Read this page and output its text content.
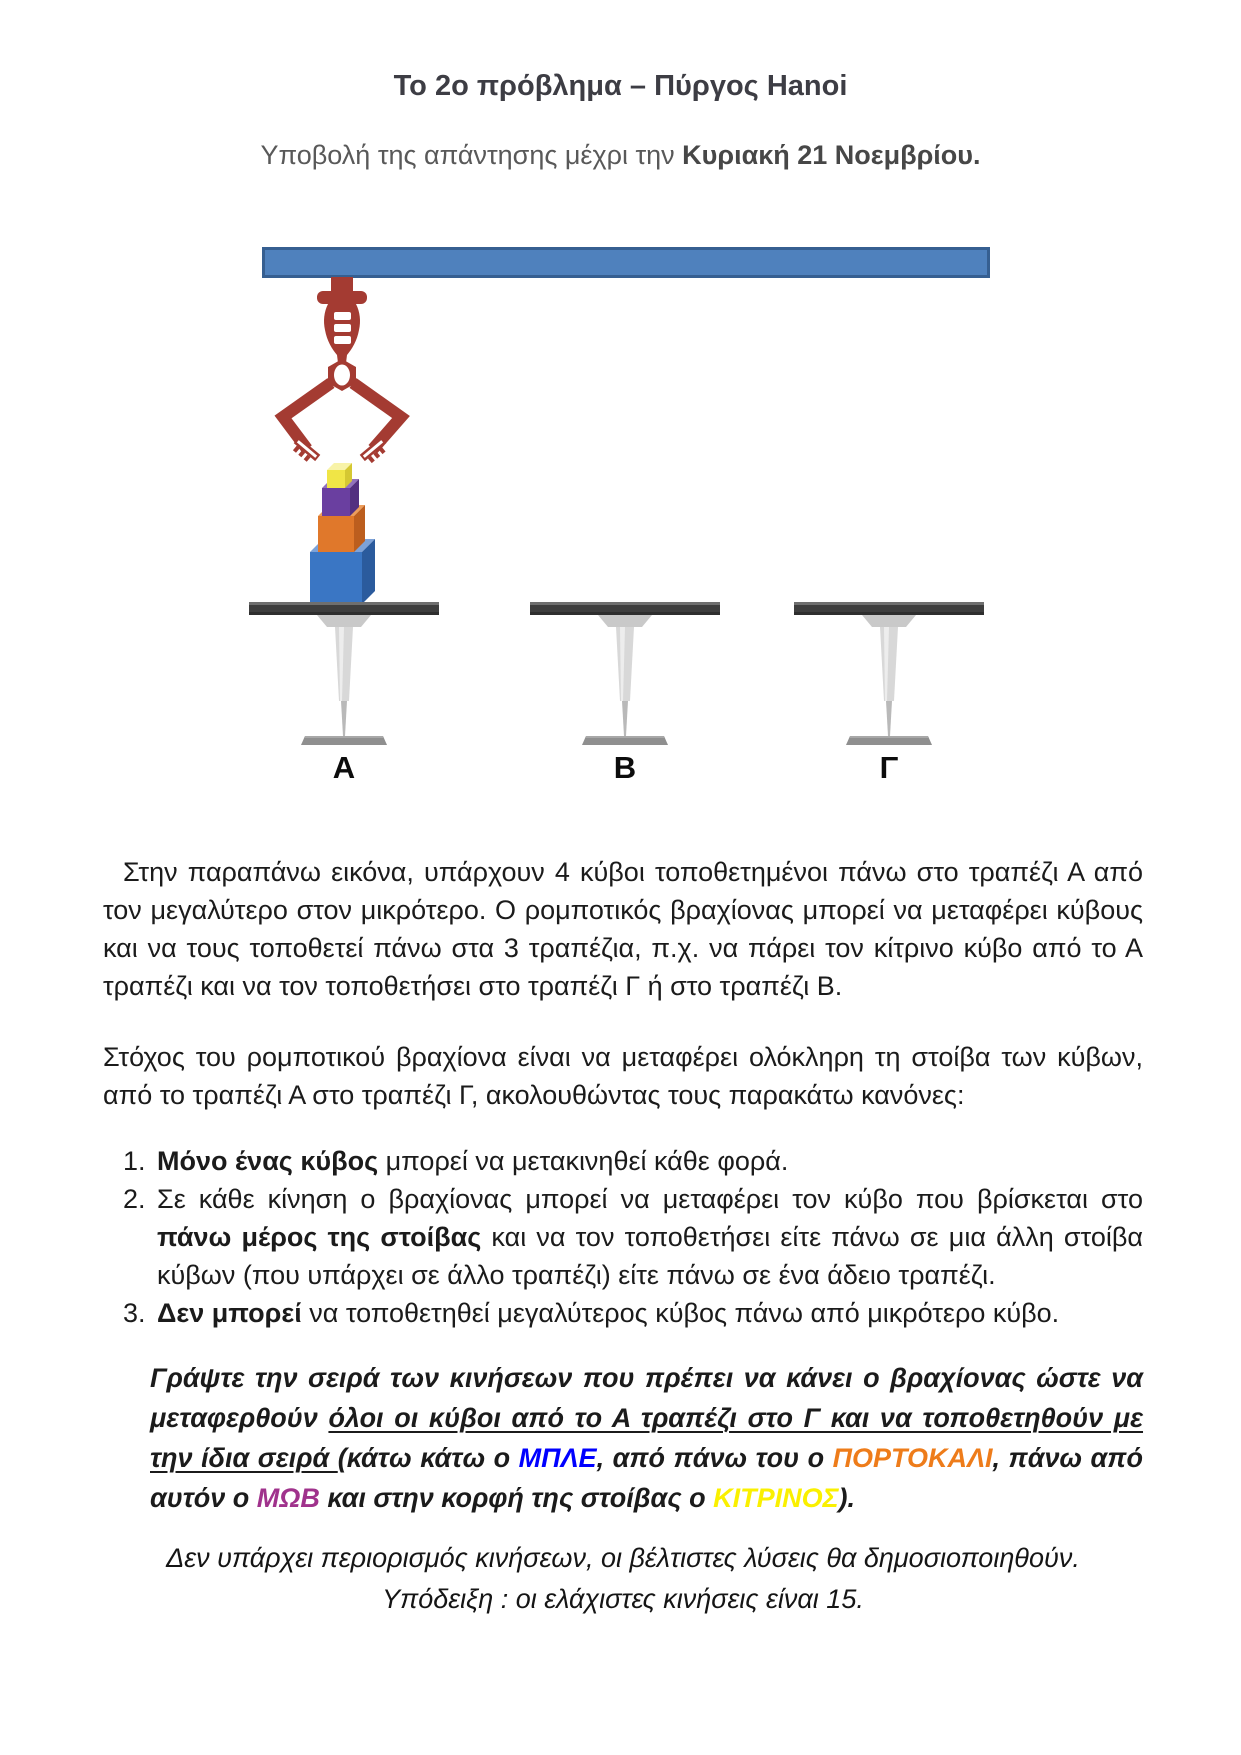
Το 2ο πρόβλημα – Πύργος Hanoi

Υποβολή της απάντησης μέχρι την Κυριακή 21 Νοεμβρίου.

Α	Β	Γ

Στην παραπάνω εικόνα, υπάρχουν 4 κύβοι τοποθετημένοι πάνω στο τραπέζι Α από τον μεγαλύτερο στον μικρότερο. Ο ρομποτικός βραχίονας μπορεί να μεταφέρει κύβους και να τους τοποθετεί πάνω στα 3 τραπέζια, π.χ. να πάρει τον κίτρινο κύβο από το Α τραπέζι και να τον τοποθετήσει στο τραπέζι Γ ή στο τραπέζι Β.

Στόχος του ρομποτικού βραχίονα είναι να μεταφέρει ολόκληρη τη στοίβα των κύβων, από το τραπέζι Α στο τραπέζι Γ, ακολουθώντας τους παρακάτω κανόνες:

1. Μόνο ένας κύβος μπορεί να μετακινηθεί κάθε φορά.
2. Σε κάθε κίνηση ο βραχίονας μπορεί να μεταφέρει τον κύβο που βρίσκεται στο πάνω μέρος της στοίβας και να τον τοποθετήσει είτε πάνω σε μια άλλη στοίβα κύβων (που υπάρχει σε άλλο τραπέζι) είτε πάνω σε ένα άδειο τραπέζι.
3. Δεν μπορεί να τοποθετηθεί μεγαλύτερος κύβος πάνω από μικρότερο κύβο.

Γράψτε την σειρά των κινήσεων που πρέπει να κάνει ο βραχίονας ώστε να μεταφερθούν όλοι οι κύβοι από το Α τραπέζι στο Γ και να τοποθετηθούν με την ίδια σειρά (κάτω κάτω ο ΜΠΛΕ, από πάνω του ο ΠΟΡΤΟΚΑΛΙ, πάνω από αυτόν ο ΜΩΒ και στην κορφή της στοίβας ο ΚΙΤΡΙΝΟΣ).

Δεν υπάρχει περιορισμός κινήσεων, οι βέλτιστες λύσεις θα δημοσιοποιηθούν.
Υπόδειξη : οι ελάχιστες κινήσεις είναι 15.
